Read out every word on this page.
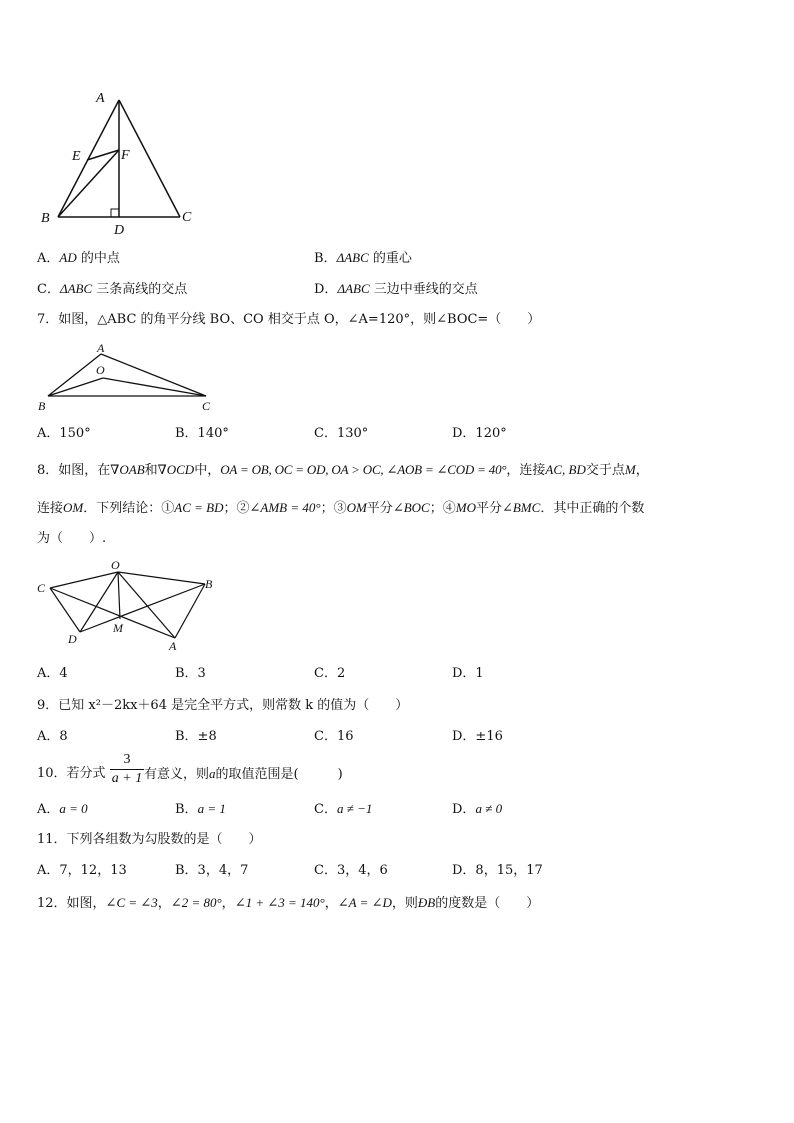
A
E	F
B
D
C
A．AD 的中点	B．ΔABC 的重心
C．ΔABC 三条高线的交点	D．ΔABC 三边中垂线的交点
7．如图，△ABC 的角平分线 BO、CO 相交于点 O，∠A=120°，则∠BOC=（　　）
A
O
B	C
A．150°	B．140°	C．130°	D．120°
8．如图，在∇OAB和∇OCD中，OA = OB, OC = OD, OA > OC, ∠AOB = ∠COD = 40°，连接AC, BD交于点M，
连接OM．下列结论：①AC = BD；②∠AMB = 40°；③OM平分∠BOC；④MO平分∠BMC．其中正确的个数
为（　　）.
O
C	B
D
M
A
A．4	B．3	C．2	D．1
9．已知 x²－2kx＋64 是完全平方式，则常数 k 的值为（　　）
A．8	B．±8	C．16	D．±16
10．若分式
3
a + 1 有意义，则a的取值范围是(　　　)
A．a = 0	B．a = 1	C．a ≠ −1	D．a ≠ 0
11．下列各组数为勾股数的是（　　）
A．7，12，13	B．3，4，7	C．3，4，6	D．8，15，17
12．如图，∠C = ∠3，∠2 = 80°，∠1 + ∠3 = 140°，∠A = ∠D，则ÐB的度数是（　　）
